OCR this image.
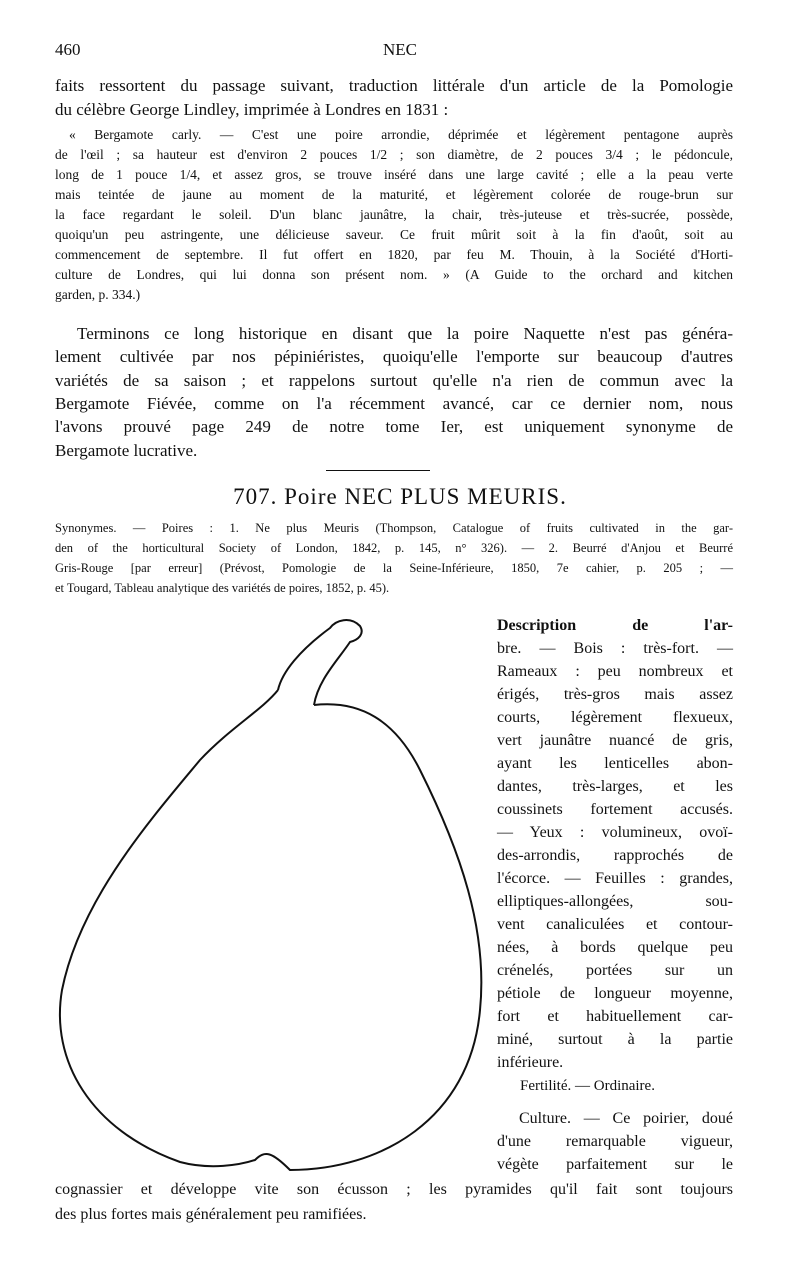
460	NEC
faits ressortent du passage suivant, traduction littérale d'un article de la Pomologie
du célèbre George Lindley, imprimée à Londres en 1831 :
« Bergamote carly. — C'est une poire arrondie, déprimée et légèrement pentagone auprès
de l'œil ; sa hauteur est d'environ 2 pouces 1/2 ; son diamètre, de 2 pouces 3/4 ; le pédoncule,
long de 1 pouce 1/4, et assez gros, se trouve inséré dans une large cavité ; elle a la peau verte
mais teintée de jaune au moment de la maturité, et légèrement colorée de rouge-brun sur
la face regardant le soleil. D'un blanc jaunâtre, la chair, très-juteuse et très-sucrée, possède,
quoiqu'un peu astringente, une délicieuse saveur. Ce fruit mûrit soit à la fin d'août, soit au
commencement de septembre. Il fut offert en 1820, par feu M. Thouin, à la Société d'Horti-
culture de Londres, qui lui donna son présent nom. » (A Guide to the orchard and kitchen
garden, p. 334.)
Terminons ce long historique en disant que la poire Naquette n'est pas généra-
lement cultivée par nos pépiniéristes, quoiqu'elle l'emporte sur beaucoup d'autres
variétés de sa saison ; et rappelons surtout qu'elle n'a rien de commun avec la
Bergamote Fiévée, comme on l'a récemment avancé, car ce dernier nom, nous
l'avons prouvé page 249 de notre tome Ier, est uniquement synonyme de
Bergamote lucrative.
Synonymes. — Poires : 1. Ne plus Meuris (Thompson, Catalogue of fruits cultivated in the gar-
den of the horticultural Society of London, 1842, p. 145, n° 326). — 2. Beurré d'Anjou et Beurré
Gris-Rouge [par erreur] (Prévost, Pomologie de la Seine-Inférieure, 1850, 7e cahier, p. 205 ; —
et Tougard, Tableau analytique des variétés de poires, 1852, p. 45).
Description de l'ar-
bre. — Bois : très-fort. —
Rameaux : peu nombreux et
érigés, très-gros mais assez
courts, légèrement flexueux,
vert jaunâtre nuancé de gris,
ayant les lenticelles abon-
dantes, très-larges, et les
coussinets fortement accusés.
— Yeux : volumineux, ovoï-
des-arrondis, rapprochés de
l'écorce. — Feuilles : grandes,
elliptiques-allongées, sou-
vent canaliculées et contour-
nées, à bords quelque peu
crénelés, portées sur un
pétiole de longueur moyenne,
fort et habituellement car-
miné, surtout à la partie
inférieure.
Fertilité. — Ordinaire.
Culture. — Ce poirier, doué
d'une remarquable vigueur,
végète parfaitement sur le
cognassier et développe vite son écusson ; les pyramides qu'il fait sont toujours
des plus fortes mais généralement peu ramifiées.
707. Poire NEC PLUS MEURIS.
